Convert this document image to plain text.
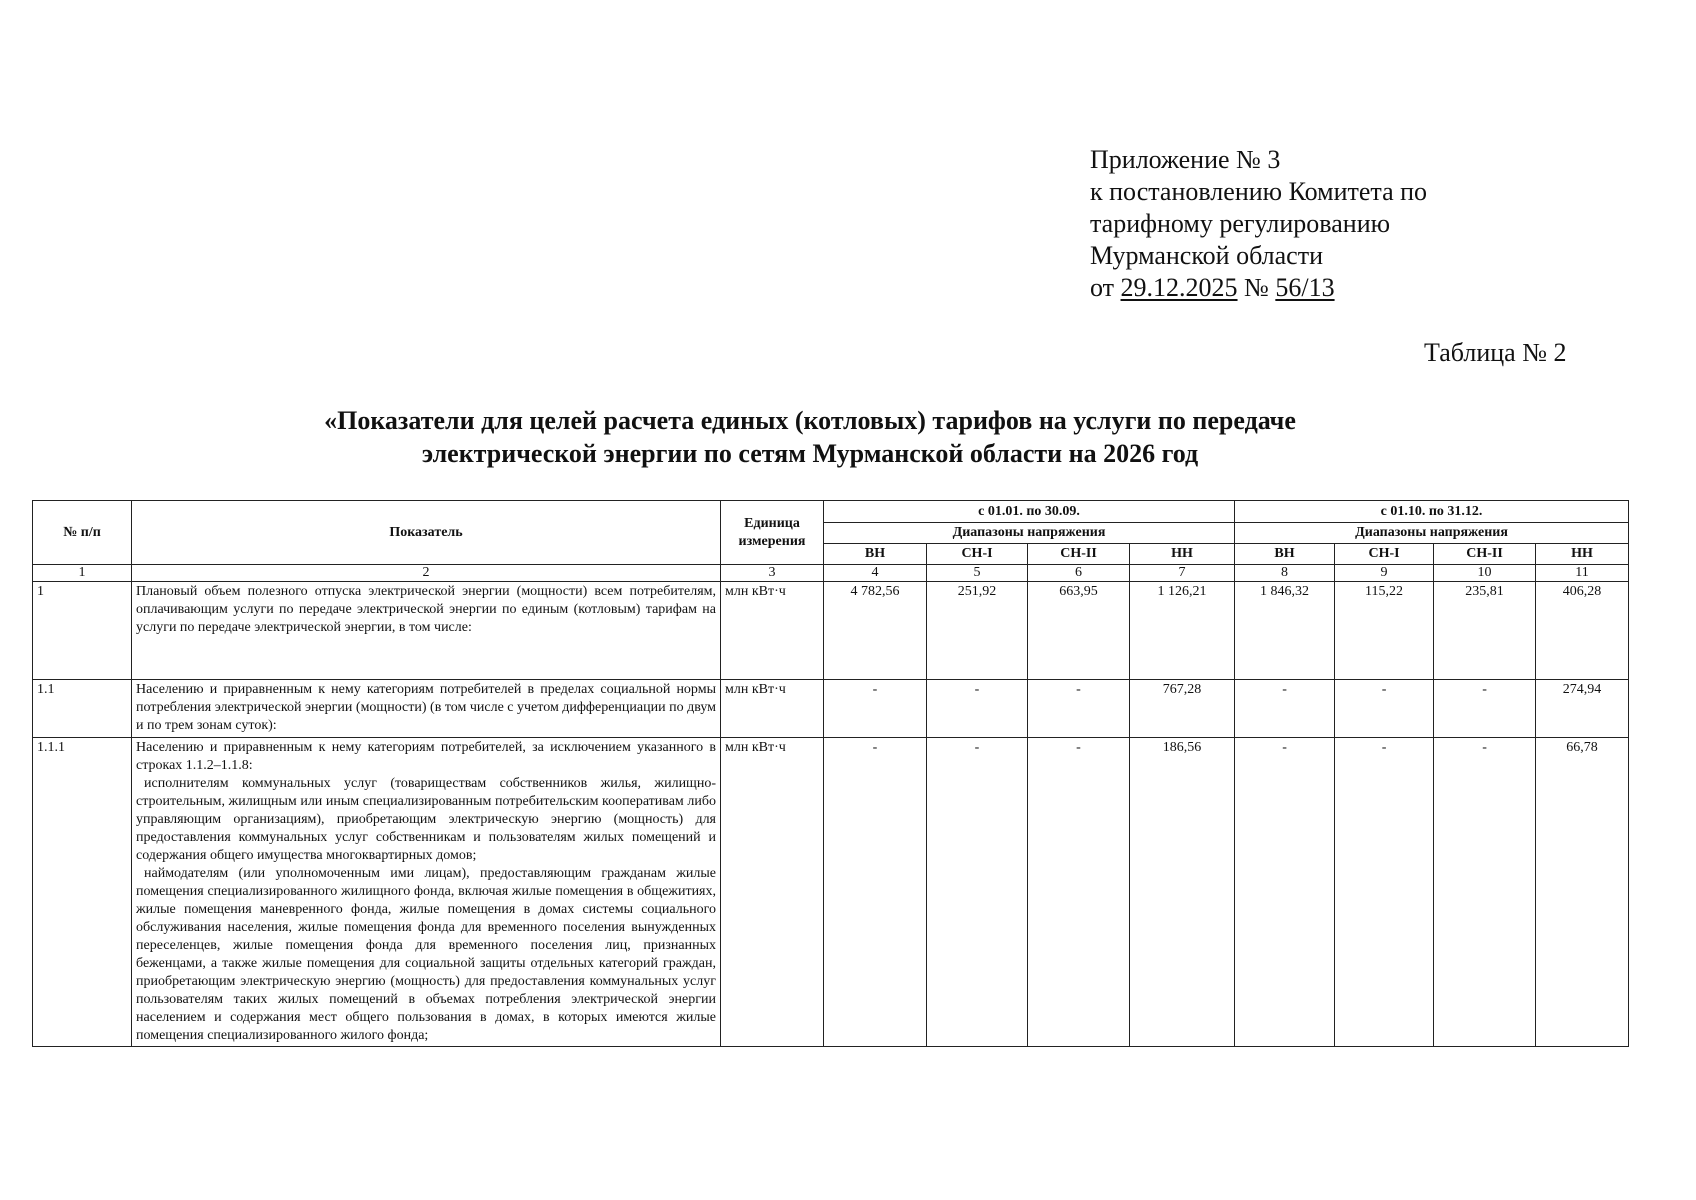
Приложение № 3
к постановлению Комитета по
тарифному регулированию
Мурманской области
от 29.12.2025 № 56/13
Таблица № 2
«Показатели для целей расчета единых (котловых) тарифов на услуги по передаче
электрической энергии по сетям Мурманской области на 2026 год
№ п/п	Показатель	Единица измерения	с 01.01. по 30.09.				с 01.10. по 31.12.			
			Диапазоны напряжения				Диапазоны напряжения			
			ВН	СН-I	СН-II	НН	ВН	СН-I	СН-II	НН
1	2	3	4	5	6	7	8	9	10	11
1	Плановый объем полезного отпуска электрической энергии (мощности) всем потребителям, оплачивающим услуги по передаче электрической энергии по единым (котловым) тарифам на услуги по передаче электрической энергии, в том числе:	млн кВт·ч	4 782,56	251,92	663,95	1 126,21	1 846,32	115,22	235,81	406,28
1.1	Населению и приравненным к нему категориям потребителей в пределах социальной нормы потребления электрической энергии (мощности) (в том числе с учетом дифференциации по двум и по трем зонам суток):	млн кВт·ч	-	-	-	767,28	-	-	-	274,94
1.1.1	Населению и приравненным к нему категориям потребителей, за исключением указанного в строках 1.1.2–1.1.8:
исполнителям коммунальных услуг (товариществам собственников жилья, жилищно-строительным, жилищным или иным специализированным потребительским кооперативам либо управляющим организациям), приобретающим электрическую энергию (мощность) для предоставления коммунальных услуг собственникам и пользователям жилых помещений и содержания общего имущества многоквартирных домов;
наймодателям (или уполномоченным ими лицам), предоставляющим гражданам жилые помещения специализированного жилищного фонда, включая жилые помещения в общежитиях, жилые помещения маневренного фонда, жилые помещения в домах системы социального обслуживания населения, жилые помещения фонда для временного поселения вынужденных переселенцев, жилые помещения фонда для временного поселения лиц, признанных беженцами, а также жилые помещения для социальной защиты отдельных категорий граждан, приобретающим электрическую энергию (мощность) для предоставления коммунальных услуг пользователям таких жилых помещений в объемах потребления электрической энергии населением и содержания мест общего пользования в домах, в которых имеются жилые помещения специализированного жилого фонда;	млн кВт·ч	-	-	-	186,56	-	-	-	66,78
